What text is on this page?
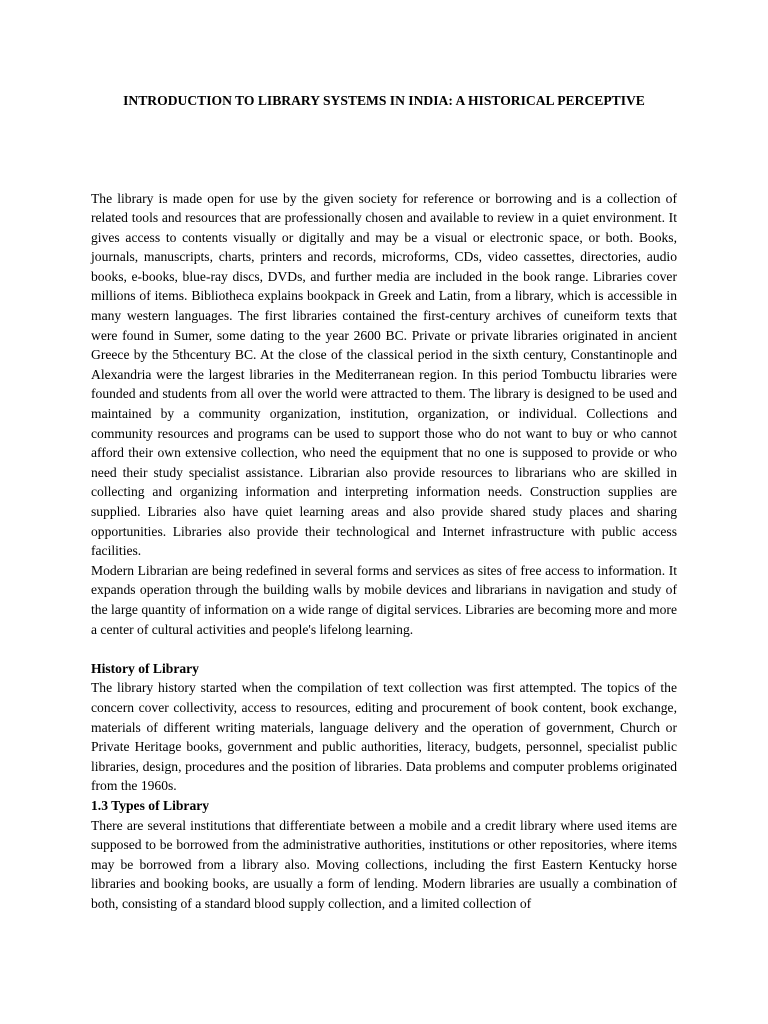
INTRODUCTION TO LIBRARY SYSTEMS IN INDIA: A HISTORICAL PERCEPTIVE

The library is made open for use by the given society for reference or borrowing and is a collection of related tools and resources that are professionally chosen and available to review in a quiet environment. It gives access to contents visually or digitally and may be a visual or electronic space, or both. Books, journals, manuscripts, charts, printers and records, microforms, CDs, video cassettes, directories, audio books, e-books, blue-ray discs, DVDs, and further media are included in the book range. Libraries cover millions of items. Bibliotheca explains bookpack in Greek and Latin, from a library, which is accessible in many western languages. The first libraries contained the first-century archives of cuneiform texts that were found in Sumer, some dating to the year 2600 BC. Private or private libraries originated in ancient Greece by the 5thcentury BC. At the close of the classical period in the sixth century, Constantinople and Alexandria were the largest libraries in the Mediterranean region. In this period Tombuctu libraries were founded and students from all over the world were attracted to them. The library is designed to be used and maintained by a community organization, institution, organization, or individual. Collections and community resources and programs can be used to support those who do not want to buy or who cannot afford their own extensive collection, who need the equipment that no one is supposed to provide or who need their study specialist assistance. Librarian also provide resources to librarians who are skilled in collecting and organizing information and interpreting information needs. Construction supplies are supplied. Libraries also have quiet learning areas and also provide shared study places and sharing opportunities. Libraries also provide their technological and Internet infrastructure with public access facilities.

Modern Librarian are being redefined in several forms and services as sites of free access to information. It expands operation through the building walls by mobile devices and librarians in navigation and study of the large quantity of information on a wide range of digital services. Libraries are becoming more and more a center of cultural activities and people's lifelong learning.

History of Library

The library history started when the compilation of text collection was first attempted. The topics of the concern cover collectivity, access to resources, editing and procurement of book content, book exchange, materials of different writing materials, language delivery and the operation of government, Church or Private Heritage books, government and public authorities, literacy, budgets, personnel, specialist public libraries, design, procedures and the position of libraries. Data problems and computer problems originated from the 1960s.

1.3 Types of Library

There are several institutions that differentiate between a mobile and a credit library where used items are supposed to be borrowed from the administrative authorities, institutions or other repositories, where items may be borrowed from a library also. Moving collections, including the first Eastern Kentucky horse libraries and booking books, are usually a form of lending. Modern libraries are usually a combination of both, consisting of a standard blood supply collection, and a limited collection of
